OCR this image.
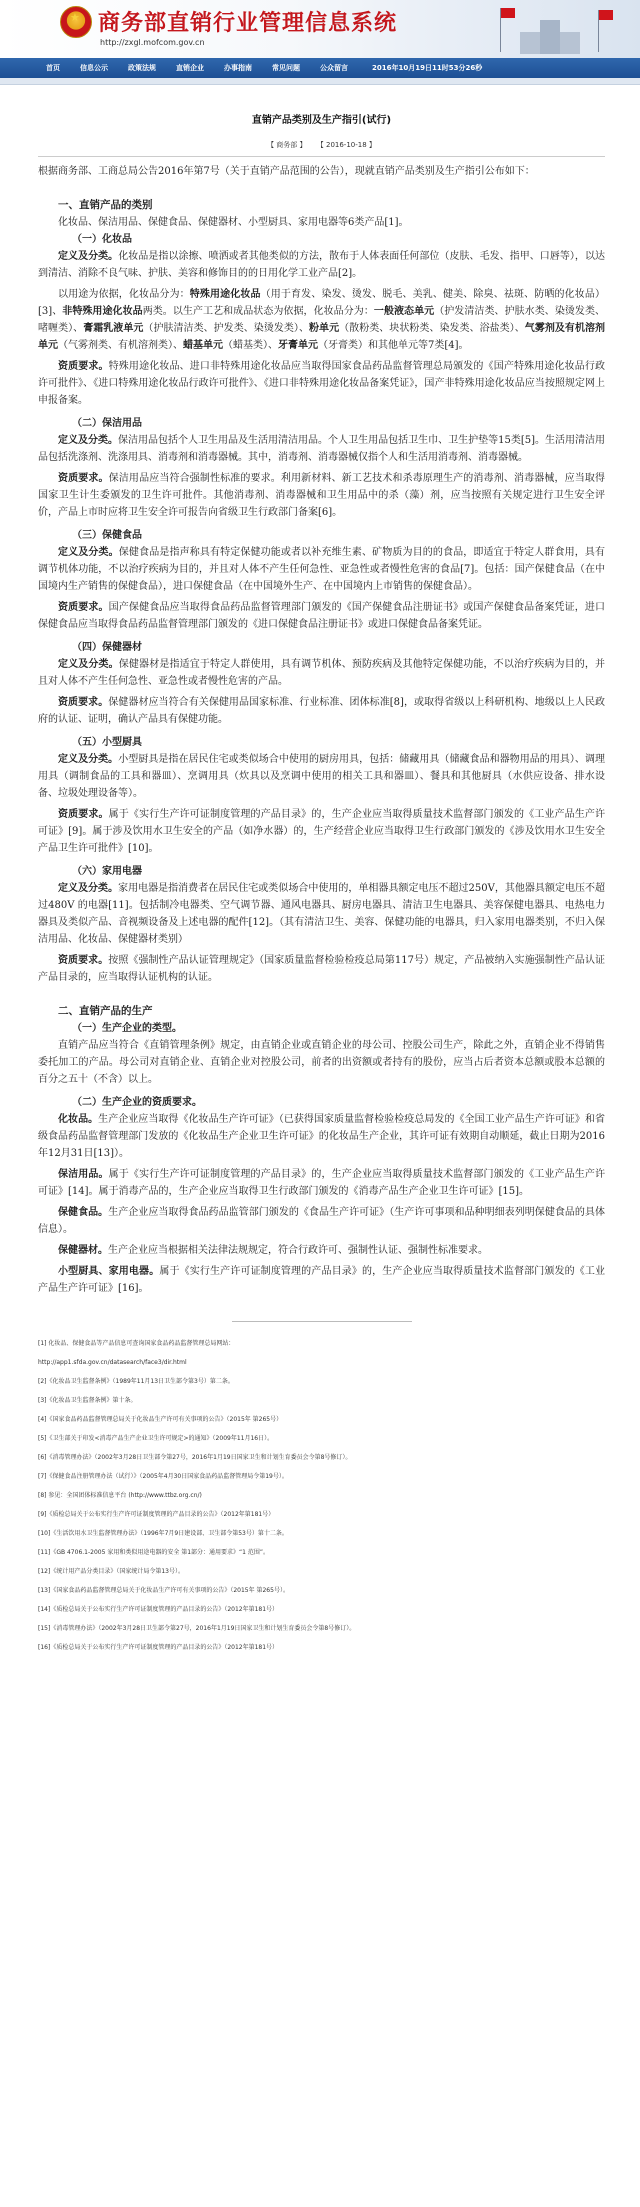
★ 商务部直销行业管理信息系统
http://zxgl.mofcom.gov.cn
首页	信息公示	政策法规	直销企业	办事指南	常见问题	公众留言	2016年10月19日11时53分26秒
直销产品类别及生产指引(试行)
【 商务部 】 【 2016-10-18 】

根据商务部、工商总局公告2016年第7号（关于直销产品范围的公告），现就直销产品类别及生产指引公布如下：

一、直销产品的类别

化妆品、保洁用品、保健食品、保健器材、小型厨具、家用电器等6类产品[1]。

（一）化妆品

定义及分类。化妆品是指以涂擦、喷洒或者其他类似的方法，散布于人体表面任何部位（皮肤、毛发、指甲、口唇等），以达到清洁、消除不良气味、护肤、美容和修饰目的的日用化学工业产品[2]。

以用途为依据，化妆品分为：特殊用途化妆品（用于育发、染发、烫发、脱毛、美乳、健美、除臭、祛斑、防晒的化妆品）[3]、非特殊用途化妆品两类。以生产工艺和成品状态为依据，化妆品分为：一般液态单元（护发清洁类、护肤水类、染烫发类、啫喱类）、膏霜乳液单元（护肤清洁类、护发类、染烫发类）、粉单元（散粉类、块状粉类、染发类、浴盐类）、气雾剂及有机溶剂单元（气雾剂类、有机溶剂类）、蜡基单元（蜡基类）、牙膏单元（牙膏类）和其他单元等7类[4]。

资质要求。特殊用途化妆品、进口非特殊用途化妆品应当取得国家食品药品监督管理总局颁发的《国产特殊用途化妆品行政许可批件》、《进口特殊用途化妆品行政许可批件》、《进口非特殊用途化妆品备案凭证》，国产非特殊用途化妆品应当按照规定网上申报备案。

（二）保洁用品

定义及分类。保洁用品包括个人卫生用品及生活用清洁用品。个人卫生用品包括卫生巾、卫生护垫等15类[5]。生活用清洁用品包括洗涤剂、洗涤用具、消毒剂和消毒器械。其中，消毒剂、消毒器械仅指个人和生活用消毒剂、消毒器械。

资质要求。保洁用品应当符合强制性标准的要求。利用新材料、新工艺技术和杀毒原理生产的消毒剂、消毒器械，应当取得国家卫生计生委颁发的卫生许可批件。其他消毒剂、消毒器械和卫生用品中的杀（藻）剂，应当按照有关规定进行卫生安全评价，产品上市时应将卫生安全许可报告向省级卫生行政部门备案[6]。

（三）保健食品

定义及分类。保健食品是指声称具有特定保健功能或者以补充维生素、矿物质为目的的食品，即适宜于特定人群食用，具有调节机体功能，不以治疗疾病为目的，并且对人体不产生任何急性、亚急性或者慢性危害的食品[7]。包括：国产保健食品（在中国境内生产销售的保健食品），进口保健食品（在中国境外生产、在中国境内上市销售的保健食品）。

资质要求。国产保健食品应当取得食品药品监督管理部门颁发的《国产保健食品注册证书》或国产保健食品备案凭证，进口保健食品应当取得食品药品监督管理部门颁发的《进口保健食品注册证书》或进口保健食品备案凭证。

（四）保健器材

定义及分类。保健器材是指适宜于特定人群使用，具有调节机体、预防疾病及其他特定保健功能，不以治疗疾病为目的，并且对人体不产生任何急性、亚急性或者慢性危害的产品。

资质要求。保健器材应当符合有关保健用品国家标准、行业标准、团体标准[8]，或取得省级以上科研机构、地级以上人民政府的认证、证明，确认产品具有保健功能。

（五）小型厨具

定义及分类。小型厨具是指在居民住宅或类似场合中使用的厨房用具，包括：储藏用具（储藏食品和器物用品的用具）、调理用具（调制食品的工具和器皿）、烹调用具（炊具以及烹调中使用的相关工具和器皿）、餐具和其他厨具（水供应设备、排水设备、垃圾处理设备等）。

资质要求。属于《实行生产许可证制度管理的产品目录》的，生产企业应当取得质量技术监督部门颁发的《工业产品生产许可证》[9]。属于涉及饮用水卫生安全的产品（如净水器）的，生产经营企业应当取得卫生行政部门颁发的《涉及饮用水卫生安全产品卫生许可批件》[10]。

（六）家用电器

定义及分类。家用电器是指消费者在居民住宅或类似场合中使用的，单相器具额定电压不超过250V，其他器具额定电压不超过480V 的电器[11]。包括制冷电器类、空气调节器、通风电器具、厨房电器具、清洁卫生电器具、美容保健电器具、电热电力器具及类似产品、音视频设备及上述电器的配件[12]。（其有清洁卫生、美容、保健功能的电器具，归入家用电器类别，不归入保洁用品、化妆品、保健器材类别）

资质要求。按照《强制性产品认证管理规定》（国家质量监督检验检疫总局第117号）规定，产品被纳入实施强制性产品认证产品目录的，应当取得认证机构的认证。

二、直销产品的生产

（一）生产企业的类型。

直销产品应当符合《直销管理条例》规定，由直销企业或直销企业的母公司、控股公司生产，除此之外，直销企业不得销售委托加工的产品。母公司对直销企业、直销企业对控股公司，前者的出资额或者持有的股份，应当占后者资本总额或股本总额的百分之五十（不含）以上。

（二）生产企业的资质要求。

化妆品。生产企业应当取得《化妆品生产许可证》（已获得国家质量监督检验检疫总局发的《全国工业产品生产许可证》和省级食品药品监督管理部门发放的《化妆品生产企业卫生许可证》的化妆品生产企业，其许可证有效期自动顺延，截止日期为2016年12月31日[13]）。

保洁用品。属于《实行生产许可证制度管理的产品目录》的，生产企业应当取得质量技术监督部门颁发的《工业产品生产许可证》[14]。属于消毒产品的，生产企业应当取得卫生行政部门颁发的《消毒产品生产企业卫生许可证》[15]。

保健食品。生产企业应当取得食品药品监管部门颁发的《食品生产许可证》（生产许可事项和品种明细表列明保健食品的具体信息）。

保健器材。生产企业应当根据相关法律法规规定，符合行政许可、强制性认证、强制性标准要求。

小型厨具、家用电器。属于《实行生产许可证制度管理的产品目录》的，生产企业应当取得质量技术监督部门颁发的《工业产品生产许可证》[16]。

[1] 化妆品、保健食品等产品信息可查询国家食品药品监督管理总局网站：

http://app1.sfda.gov.cn/datasearch/face3/dir.html

[2]《化妆品卫生监督条例》（1989年11月13日卫生部令第3号）第二条。

[3]《化妆品卫生监督条例》第十条。

[4]《国家食品药品监督管理总局关于化妆品生产许可有关事项的公告》（2015年 第265号）

[5]《卫生部关于印发<消毒产品生产企业卫生许可规定>的通知》（2009年11月16日）。

[6]《消毒管理办法》（2002年3月28日卫生部令第27号，2016年1月19日国家卫生和计划生育委员会令第8号修订）。

[7]《保健食品注册管理办法（试行）》（2005年4月30日国家食品药品监督管理局令第19号）。

[8] 参见：全国团体标准信息平台 (http://www.ttbz.org.cn/)

[9]《质检总局关于公布实行生产许可证制度管理的产品目录的公告》（2012年第181号）

[10]《生活饮用水卫生监督管理办法》（1996年7月9日建设部、卫生部令第53号）第十二条。

[11]《GB 4706.1-2005 家用和类似用途电器的安全 第1部分：通用要求》“1 范围”。

[12]《统计用产品分类目录》（国家统计局令第13号）。

[13]《国家食品药品监督管理总局关于化妆品生产许可有关事项的公告》（2015年 第265号）。

[14]《质检总局关于公布实行生产许可证制度管理的产品目录的公告》（2012年第181号）

[15]《消毒管理办法》（2002年3月28日卫生部令第27号，2016年1月19日国家卫生和计划生育委员会令第8号修订）。

[16]《质检总局关于公布实行生产许可证制度管理的产品目录的公告》（2012年第181号）
